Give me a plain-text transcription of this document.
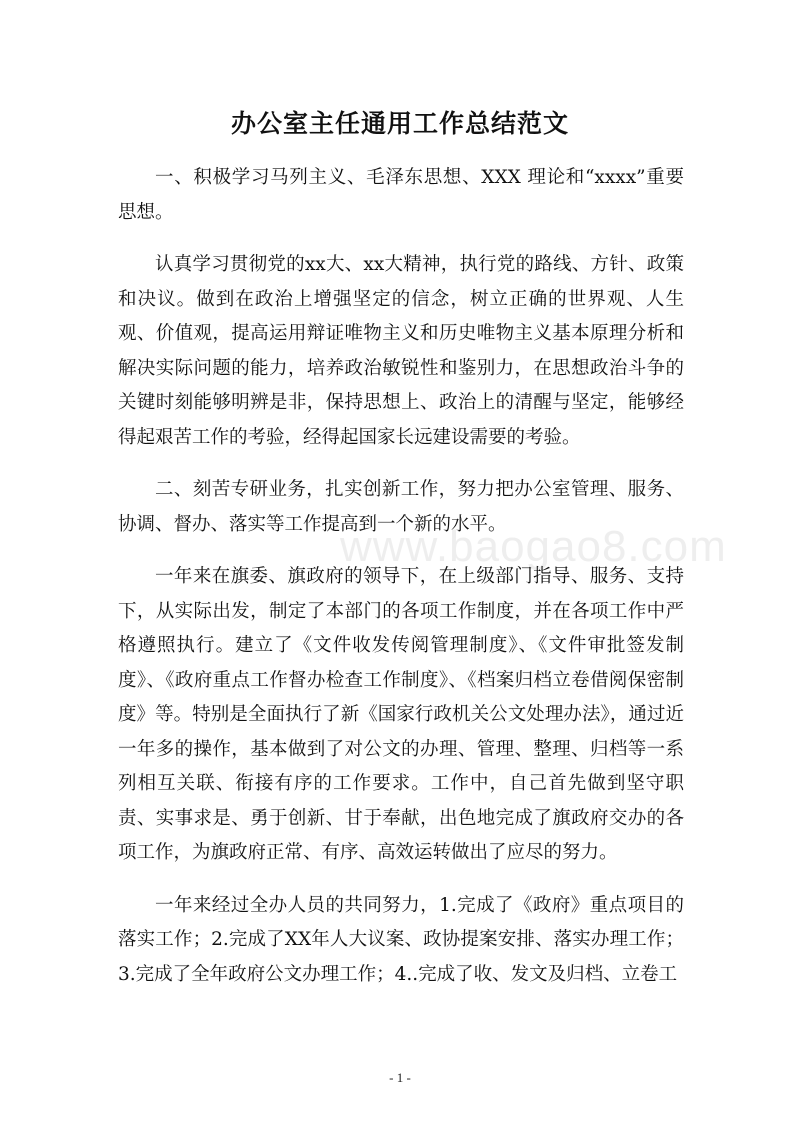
办公室主任通用工作总结范文

一、积极学习马列主义、毛泽东思想、XXX 理论和“xxxx”重要思想。

认真学习贯彻党的xx大、xx大精神，执行党的路线、方针、政策和决议。做到在政治上增强坚定的信念，树立正确的世界观、人生观、价值观，提高运用辩证唯物主义和历史唯物主义基本原理分析和解决实际问题的能力，培养政治敏锐性和鉴别力，在思想政治斗争的关键时刻能够明辨是非，保持思想上、政治上的清醒与坚定，能够经得起艰苦工作的考验，经得起国家长远建设需要的考验。

二、刻苦专研业务，扎实创新工作，努力把办公室管理、服务、协调、督办、落实等工作提高到一个新的水平。

一年来在旗委、旗政府的领导下，在上级部门指导、服务、支持下，从实际出发，制定了本部门的各项工作制度，并在各项工作中严格遵照执行。建立了《文件收发传阅管理制度》、《文件审批签发制度》、《政府重点工作督办检查工作制度》、《档案归档立卷借阅保密制度》等。特别是全面执行了新《国家行政机关公文处理办法》，通过近一年多的操作，基本做到了对公文的办理、管理、整理、归档等一系列相互关联、衔接有序的工作要求。工作中，自己首先做到坚守职责、实事求是、勇于创新、甘于奉献，出色地完成了旗政府交办的各项工作，为旗政府正常、有序、高效运转做出了应尽的努力。

一年来经过全办人员的共同努力，1.完成了《政府》重点项目的落实工作；2.完成了XX年人大议案、政协提案安排、落实办理工作；3.完成了全年政府公文办理工作；4..完成了收、发文及归档、立卷工

www.baogao8.com
- 1 -
